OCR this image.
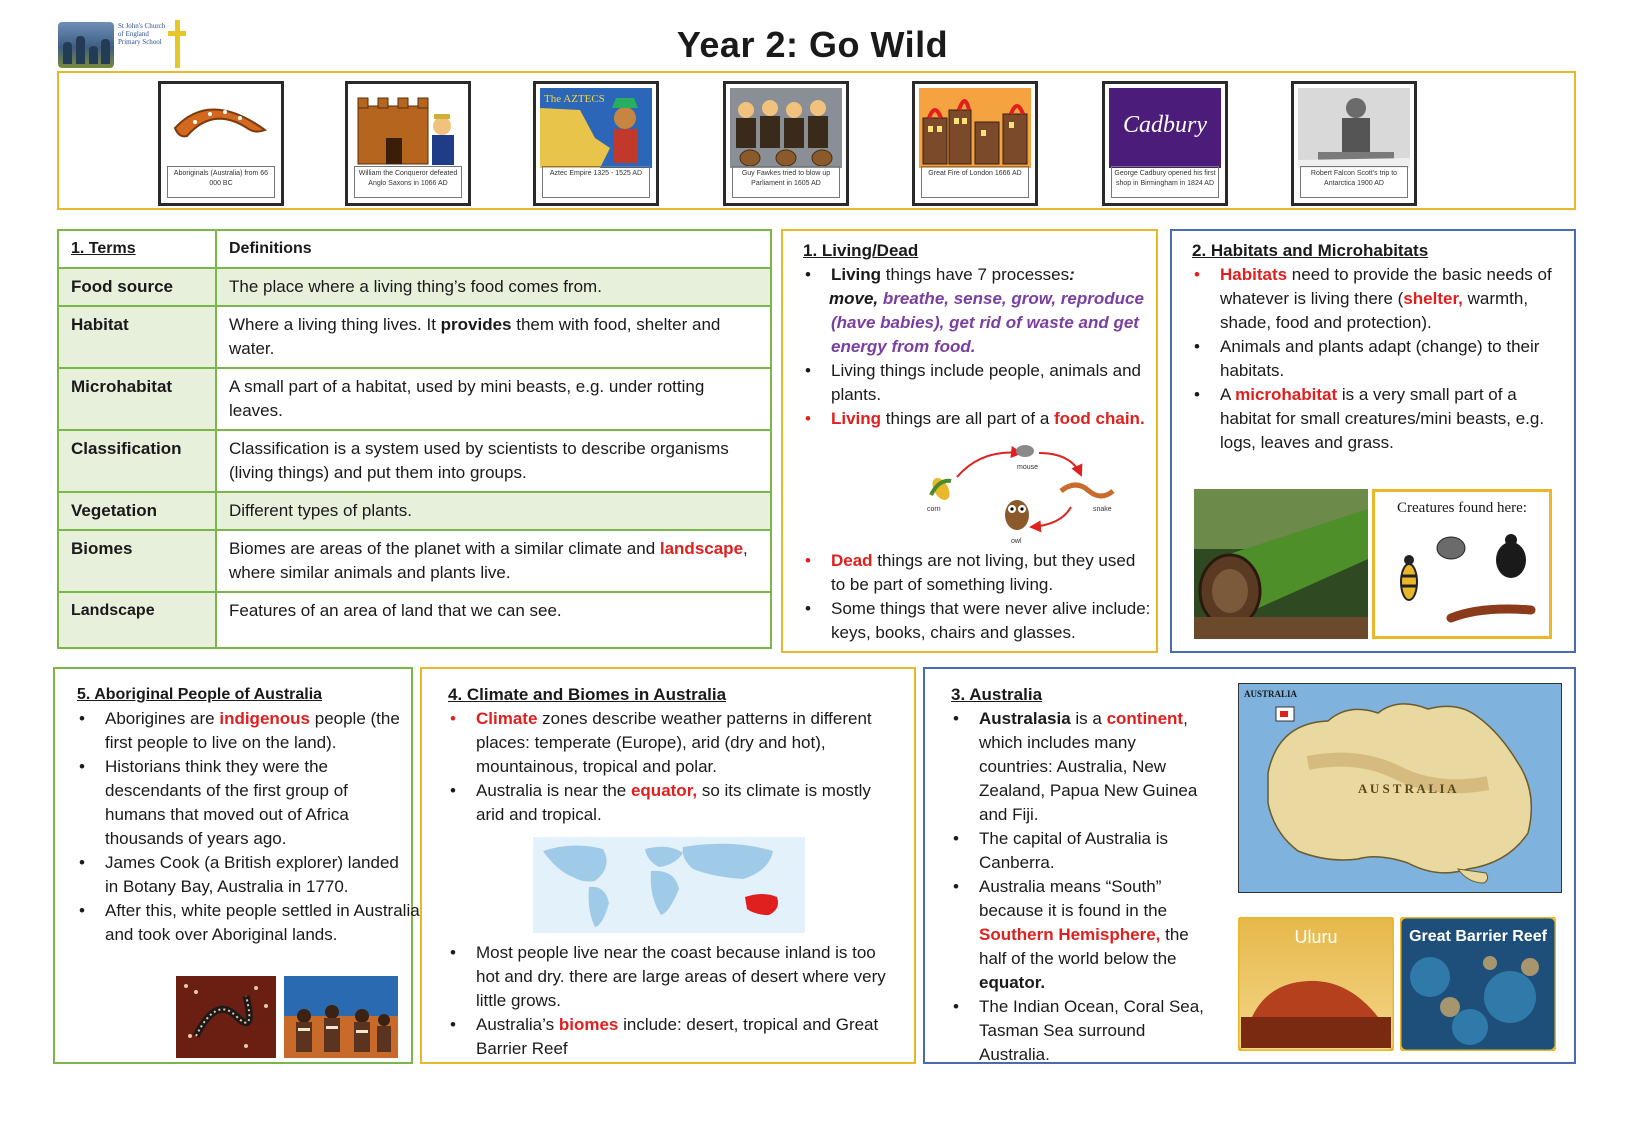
St John's Church of England Primary School	Year 2: Go Wild
Aboriginals (Australia) from 66 000 BC
William the Conqueror defeated Anglo Saxons in 1066 AD
The AZTECS
Aztec Empire 1325 - 1525 AD	Guy Fawkes tried to blow up Parliament in 1605 AD
Great Fire of London 1666 AD
Cadbury
George Cadbury opened his first shop in Birmingham in 1824 AD
Robert Falcon Scott's trip to Antarctica 1900 AD
1. Terms	Definitions
Food source	The place where a living thing’s food comes from.
Habitat	Where a living thing lives. It provides them with food, shelter and water.
Microhabitat	A small part of a habitat, used by mini beasts, e.g. under rotting leaves.
Classification	Classification is a system used by scientists to describe organisms (living things) and put them into groups.
Vegetation	Different types of plants.
Biomes	Biomes are areas of the planet with a similar climate and landscape, where similar animals and plants live.
Landscape	Features of an area of land that we can see.
1. Living/Dead
• Living things have 7 processes:
move, breathe, sense, grow, reproduce (have babies), get rid of waste and get energy from food.
• Living things include people, animals and plants.
• Living things are all part of a food chain.
mouse
snake
owl
corn
• Dead things are not living, but they used to be part of something living.
• Some things that were never alive include: keys, books, chairs and glasses.
2. Habitats and Microhabitats
• Habitats need to provide the basic needs of whatever is living there (shelter, warmth, shade, food and protection).
• Animals and plants adapt (change) to their habitats.
• A microhabitat is a very small part of a habitat for small creatures/mini beasts, e.g. logs, leaves and grass.
Creatures found here:
5. Aboriginal People of Australia
• Aborigines are indigenous people (the first people to live on the land).
• Historians think they were the descendants of the first group of humans that moved out of Africa thousands of years ago.
• James Cook (a British explorer) landed in Botany Bay, Australia in 1770.
• After this, white people settled in Australia and took over Aboriginal lands.
4. Climate and Biomes in Australia
• Climate zones describe weather patterns in different places: temperate (Europe), arid (dry and hot), mountainous, tropical and polar.
• Australia is near the equator, so its climate is mostly arid and tropical.
• Most people live near the coast because inland is too hot and dry. there are large areas of desert where very little grows.
• Australia’s biomes include: desert, tropical and Great Barrier Reef
3. Australia
• Australasia is a continent, which includes many countries: Australia, New Zealand, Papua New Guinea and Fiji.
• The capital of Australia is Canberra.
• Australia means “South” because it is found in the Southern Hemisphere, the half of the world below the equator.
• The Indian Ocean, Coral Sea, Tasman Sea surround Australia.
AUSTRALIA
A U S T R A L I A
Uluru	Great Barrier Reef
